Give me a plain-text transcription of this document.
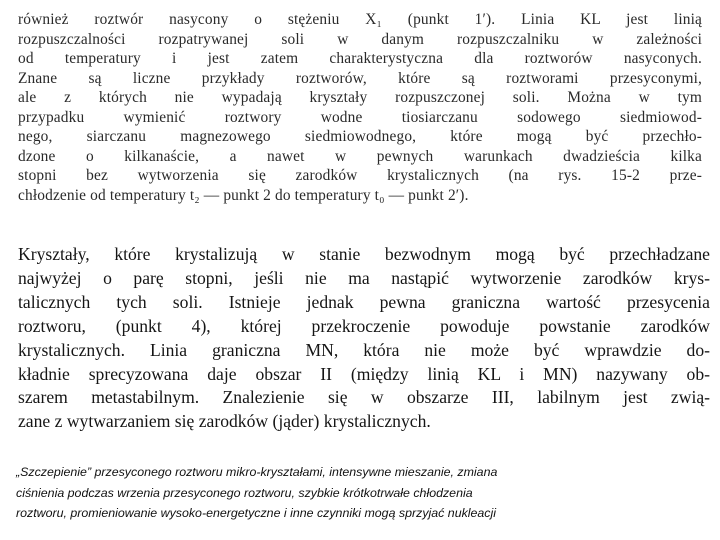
również roztwór nasycony o stężeniu X₁ (punkt 1′). Linia KL jest linią
rozpuszczalności rozpatrywanej soli w danym rozpuszczalniku w zależności
od temperatury i jest zatem charakterystyczna dla roztworów nasyconych.
Znane są liczne przykłady roztworów, które są roztworami przesyconymi,
ale z których nie wypadają kryształy rozpuszczonej soli. Można w tym
przypadku wymienić roztwory wodne tiosiarczanu sodowego siedmiowod-
nego, siarczanu magnezowego siedmiowodnego, które mogą być przechło-
dzone o kilkanaście, a nawet w pewnych warunkach dwadzieścia kilka
stopni bez wytworzenia się zarodków krystalicznych (na rys. 15-2 prze-
chłodzenie od temperatury t₂ — punkt 2 do temperatury t₀ — punkt 2′).
Kryształy, które krystalizują w stanie bezwodnym mogą być przechładzane
najwyżej o parę stopni, jeśli nie ma nastąpić wytworzenie zarodków krys-
talicznych tych soli. Istnieje jednak pewna graniczna wartość przesycenia
roztworu, (punkt 4), której przekroczenie powoduje powstanie zarodków
krystalicznych. Linia graniczna MN, która nie może być wprawdzie do-
kładnie sprecyzowana daje obszar II (między linią KL i MN) nazywany ob-
szarem metastabilnym. Znalezienie się w obszarze III, labilnym jest zwią-
zane z wytwarzaniem się zarodków (jąder) krystalicznych.
„Szczepienie” przesyconego roztworu mikro-kryształami, intensywne mieszanie, zmiana
ciśnienia podczas wrzenia przesyconego roztworu, szybkie krótkotrwałe chłodzenia
roztworu, promieniowanie wysoko-energetyczne i inne czynniki mogą sprzyjać nukleacji
